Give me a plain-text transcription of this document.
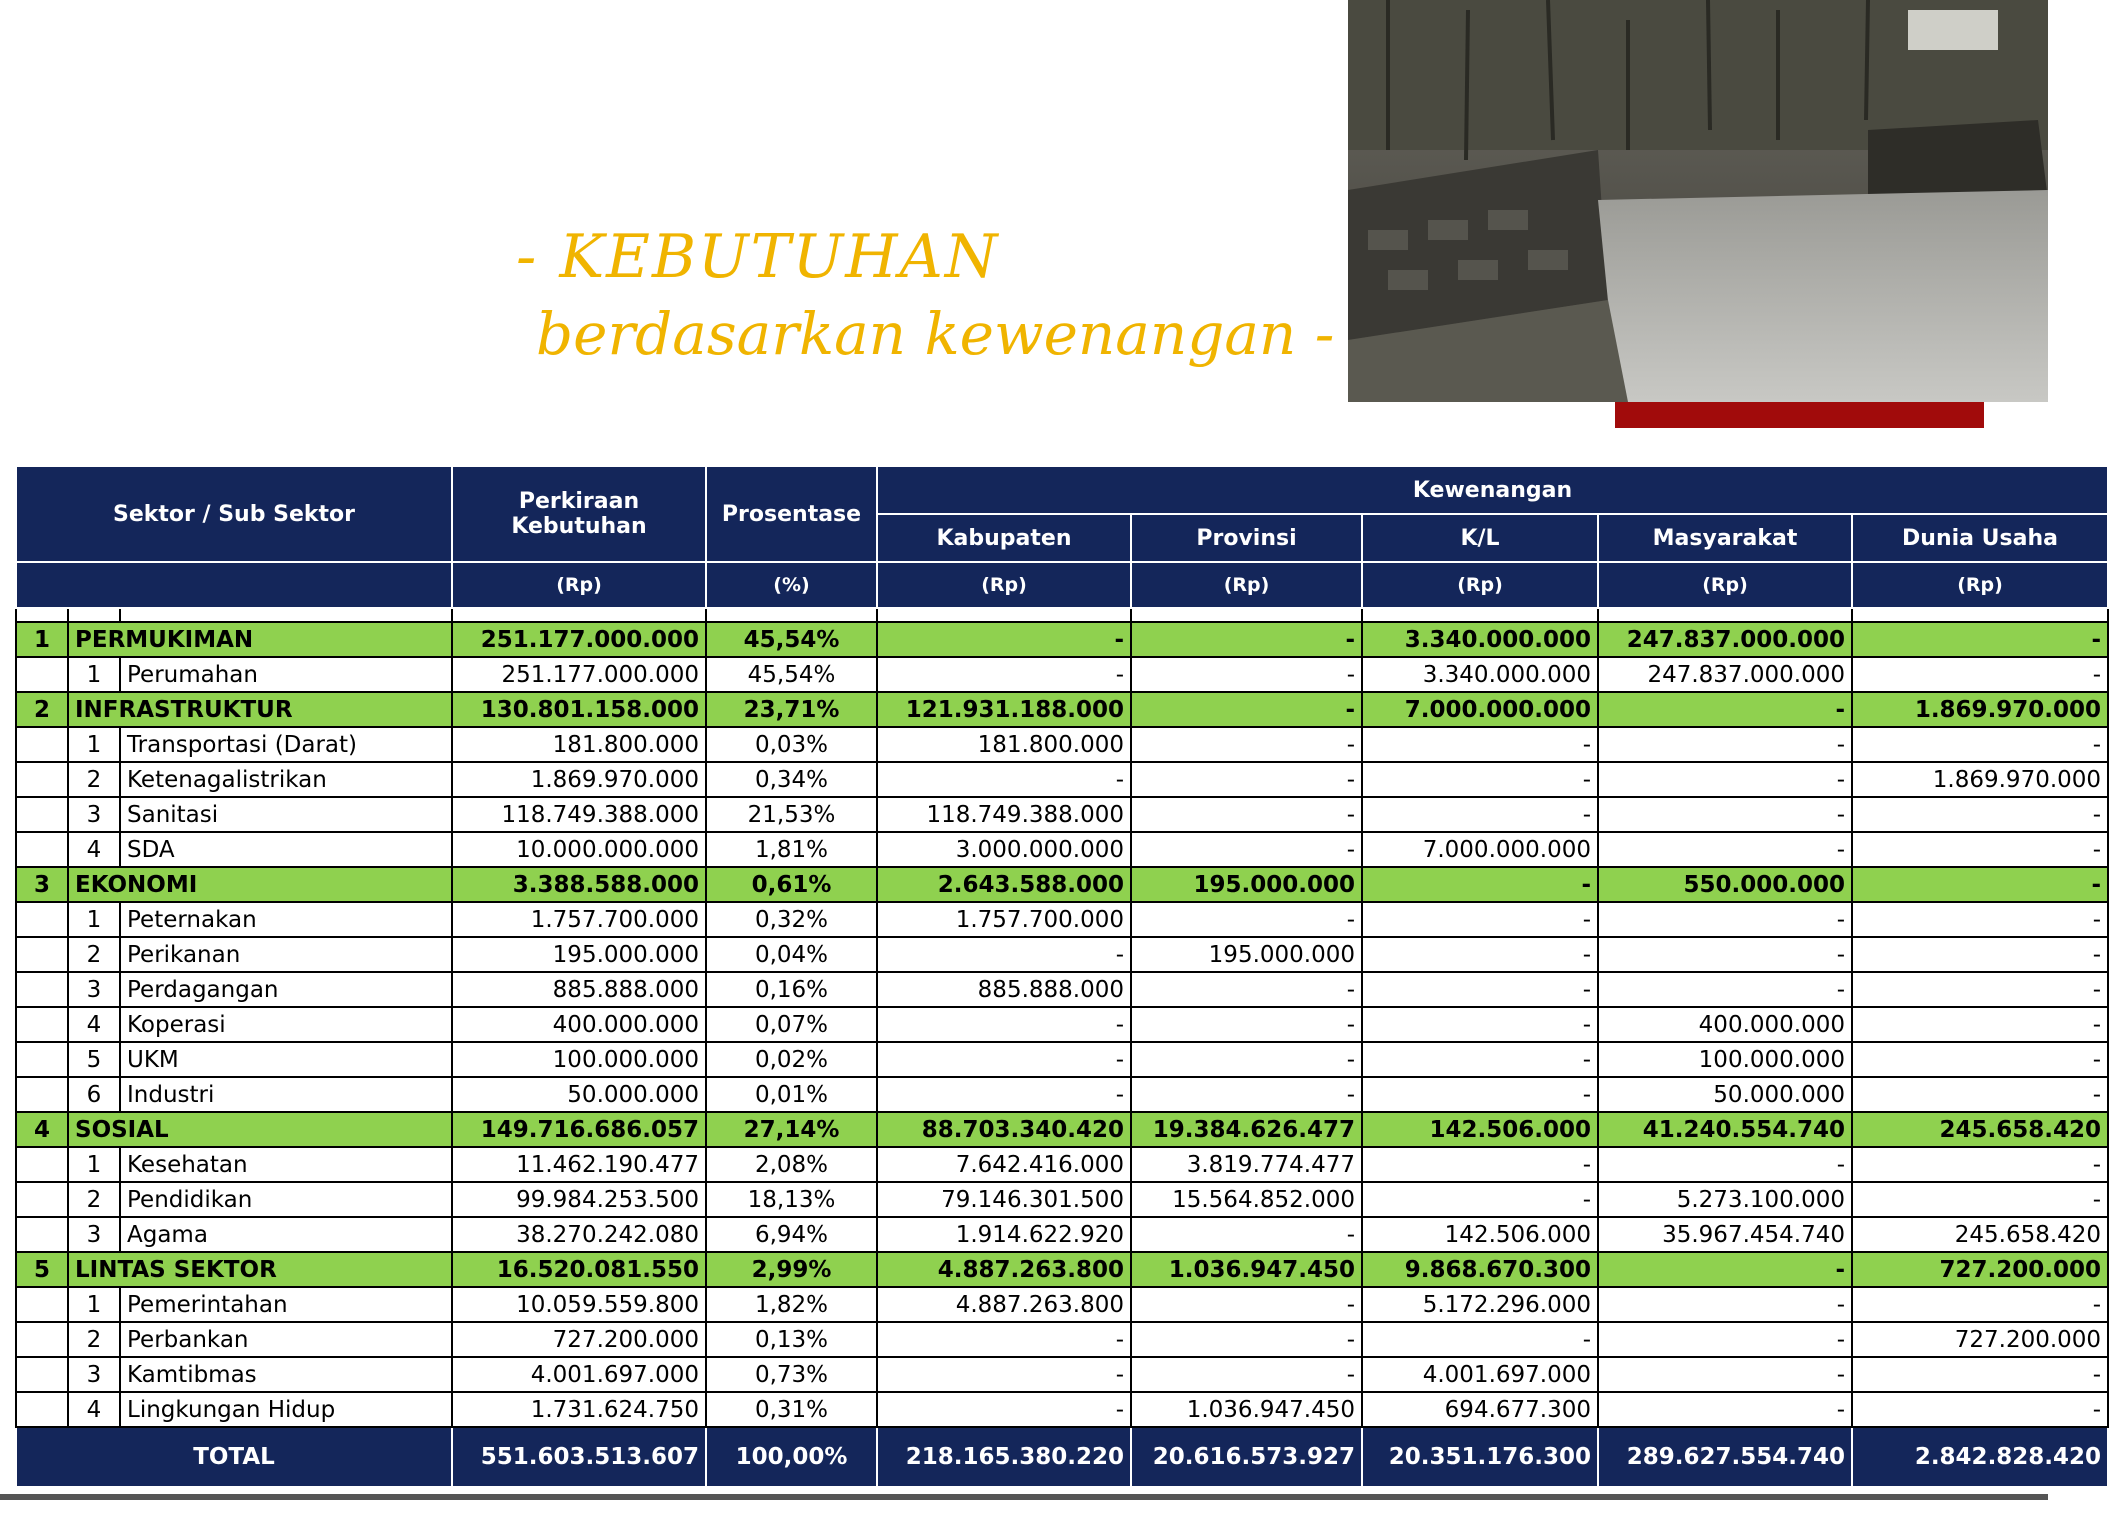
- KEBUTUHAN
berdasarkan kewenangan -
Sektor / Sub Sektor			Perkiraan Kebutuhan	Prosentase	Kewenangan				
					Kabupaten	Provinsi	K/L	Masyarakat	Dunia Usaha
			(Rp)	(%)	(Rp)	(Rp)	(Rp)	(Rp)	(Rp)

1	PERMUKIMAN		251.177.000.000	45,54%	-	-	3.340.000.000	247.837.000.000	-
	1	Perumahan	251.177.000.000	45,54%	-	-	3.340.000.000	247.837.000.000	-
2	INFRASTRUKTUR		130.801.158.000	23,71%	121.931.188.000	-	7.000.000.000	-	1.869.970.000
	1	Transportasi (Darat)	181.800.000	0,03%	181.800.000	-	-	-	-
	2	Ketenagalistrikan	1.869.970.000	0,34%	-	-	-	-	1.869.970.000
	3	Sanitasi	118.749.388.000	21,53%	118.749.388.000	-	-	-	-
	4	SDA	10.000.000.000	1,81%	3.000.000.000	-	7.000.000.000	-	-
3	EKONOMI		3.388.588.000	0,61%	2.643.588.000	195.000.000	-	550.000.000	-
	1	Peternakan	1.757.700.000	0,32%	1.757.700.000	-	-	-	-
	2	Perikanan	195.000.000	0,04%	-	195.000.000	-	-	-
	3	Perdagangan	885.888.000	0,16%	885.888.000	-	-	-	-
	4	Koperasi	400.000.000	0,07%	-	-	-	400.000.000	-
	5	UKM	100.000.000	0,02%	-	-	-	100.000.000	-
	6	Industri	50.000.000	0,01%	-	-	-	50.000.000	-
4	SOSIAL		149.716.686.057	27,14%	88.703.340.420	19.384.626.477	142.506.000	41.240.554.740	245.658.420
	1	Kesehatan	11.462.190.477	2,08%	7.642.416.000	3.819.774.477	-	-	-
	2	Pendidikan	99.984.253.500	18,13%	79.146.301.500	15.564.852.000	-	5.273.100.000	-
	3	Agama	38.270.242.080	6,94%	1.914.622.920	-	142.506.000	35.967.454.740	245.658.420
5	LINTAS SEKTOR		16.520.081.550	2,99%	4.887.263.800	1.036.947.450	9.868.670.300	-	727.200.000
	1	Pemerintahan	10.059.559.800	1,82%	4.887.263.800	-	5.172.296.000	-	-
	2	Perbankan	727.200.000	0,13%	-	-	-	-	727.200.000
	3	Kamtibmas	4.001.697.000	0,73%	-	-	4.001.697.000	-	-
	4	Lingkungan Hidup	1.731.624.750	0,31%	-	1.036.947.450	694.677.300	-	-
TOTAL			551.603.513.607	100,00%	218.165.380.220	20.616.573.927	20.351.176.300	289.627.554.740	2.842.828.420
